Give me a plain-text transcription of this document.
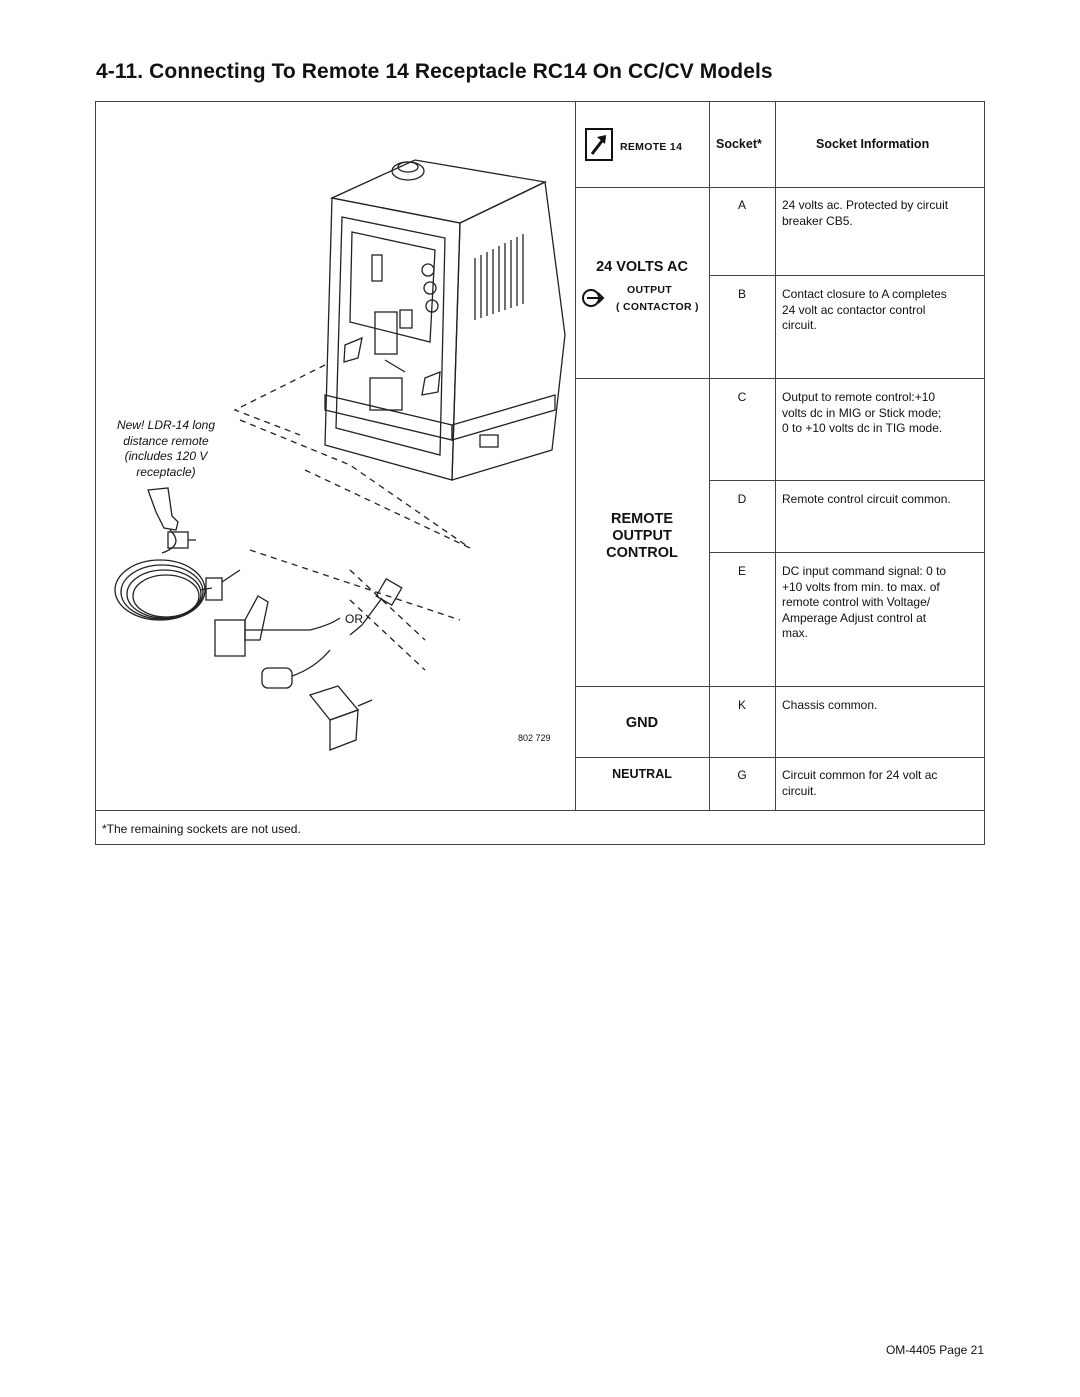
4-11. Connecting To Remote 14 Receptacle RC14 On CC/CV Models
REMOTE 14	Socket*	Socket Information
24 VOLTS AC
OUTPUT
( CONTACTOR )
REMOTE
OUTPUT
CONTROL
GND
NEUTRAL
A
B
C
D
E
K
G
24 volts ac. Protected by circuit
breaker CB5.
Contact closure to A completes
24 volt ac contactor control
circuit.
Output to remote control:+10
volts dc in MIG or Stick mode;
0 to +10 volts dc in TIG mode.
Remote control circuit common.
DC input command signal: 0 to
+10 volts from min. to max. of
remote control with Voltage/
Amperage Adjust control at
max.
Chassis common.
Circuit common for 24 volt ac
circuit.
New! LDR-14 long
distance remote
(includes 120 V
receptacle)
OR
802 729
*The remaining sockets are not used.
OM-4405 Page 21
